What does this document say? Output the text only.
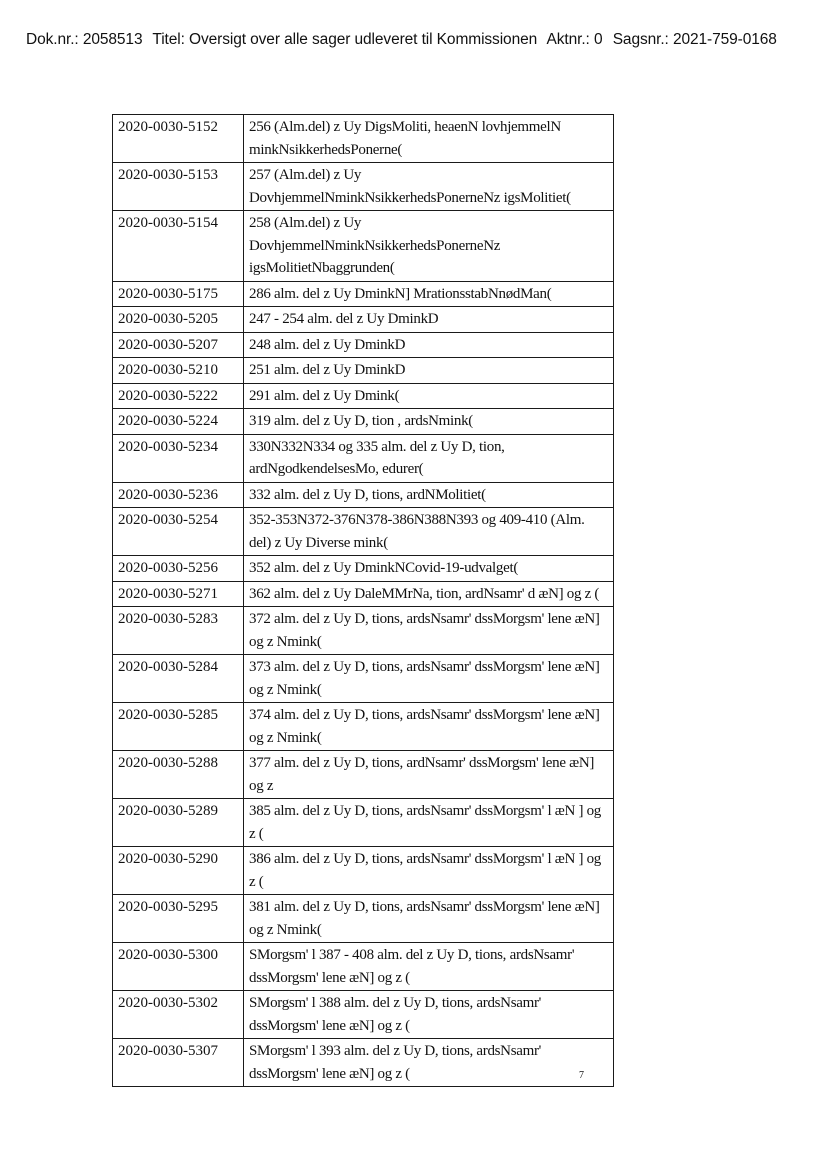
Dok.nr.: 2058513 Titel: Oversigt over alle sager udleveret til Kommissionen Aktnr.: 0 Sagsnr.: 2021-759-0168
2020-0030-5152	256 (Alm.del) z Uy DigsMoliti, heaenN lovhjemmelN minkNsikkerhedsPonerne(
2020-0030-5153	257 (Alm.del) z Uy DovhjemmelNminkNsikkerhedsPonerneNz igsMolitiet(
2020-0030-5154	258 (Alm.del) z Uy DovhjemmelNminkNsikkerhedsPonerneNz igsMolitietNbaggrunden(
2020-0030-5175	286 alm. del z Uy DminkN] MrationsstabNnødMan(
2020-0030-5205	247 - 254 alm. del z Uy DminkD
2020-0030-5207	248 alm. del z Uy DminkD
2020-0030-5210	251 alm. del z Uy DminkD
2020-0030-5222	291 alm. del z Uy Dmink(
2020-0030-5224	319 alm. del z Uy D, tion , ardsNmink(
2020-0030-5234	330N332N334 og 335 alm. del z Uy D, tion, ardNgodkendelsesMo, edurer(
2020-0030-5236	332 alm. del z Uy D, tions, ardNMolitiet(
2020-0030-5254	352-353N372-376N378-386N388N393 og 409-410 (Alm. del) z Uy Diverse mink(
2020-0030-5256	352 alm. del z Uy DminkNCovid-19-udvalget(
2020-0030-5271	362 alm. del z Uy DaleMMrNa, tion, ardNsamr' d æN] og z (
2020-0030-5283	372 alm. del z Uy D, tions, ardsNsamr' dssMorgsm' lene æN] og z Nmink(
2020-0030-5284	373 alm. del z Uy D, tions, ardsNsamr' dssMorgsm' lene æN] og z Nmink(
2020-0030-5285	374 alm. del z Uy D, tions, ardsNsamr' dssMorgsm' lene æN] og z Nmink(
2020-0030-5288	377 alm. del z Uy D, tions, ardNsamr' dssMorgsm' lene æN] og z
2020-0030-5289	385 alm. del z Uy D, tions, ardsNsamr' dssMorgsm' l æN ] og z (
2020-0030-5290	386 alm. del z Uy D, tions, ardsNsamr' dssMorgsm' l æN ] og z (
2020-0030-5295	381 alm. del z Uy D, tions, ardsNsamr' dssMorgsm' lene æN] og z Nmink(
2020-0030-5300	SMorgsm' l 387 - 408 alm. del z Uy D, tions, ardsNsamr' dssMorgsm' lene æN] og z (
2020-0030-5302	SMorgsm' l 388 alm. del z Uy D, tions, ardsNsamr' dssMorgsm' lene æN] og z (
2020-0030-5307	SMorgsm' l 393 alm. del z Uy D, tions, ardsNsamr' dssMorgsm' lene æN] og z (	7
